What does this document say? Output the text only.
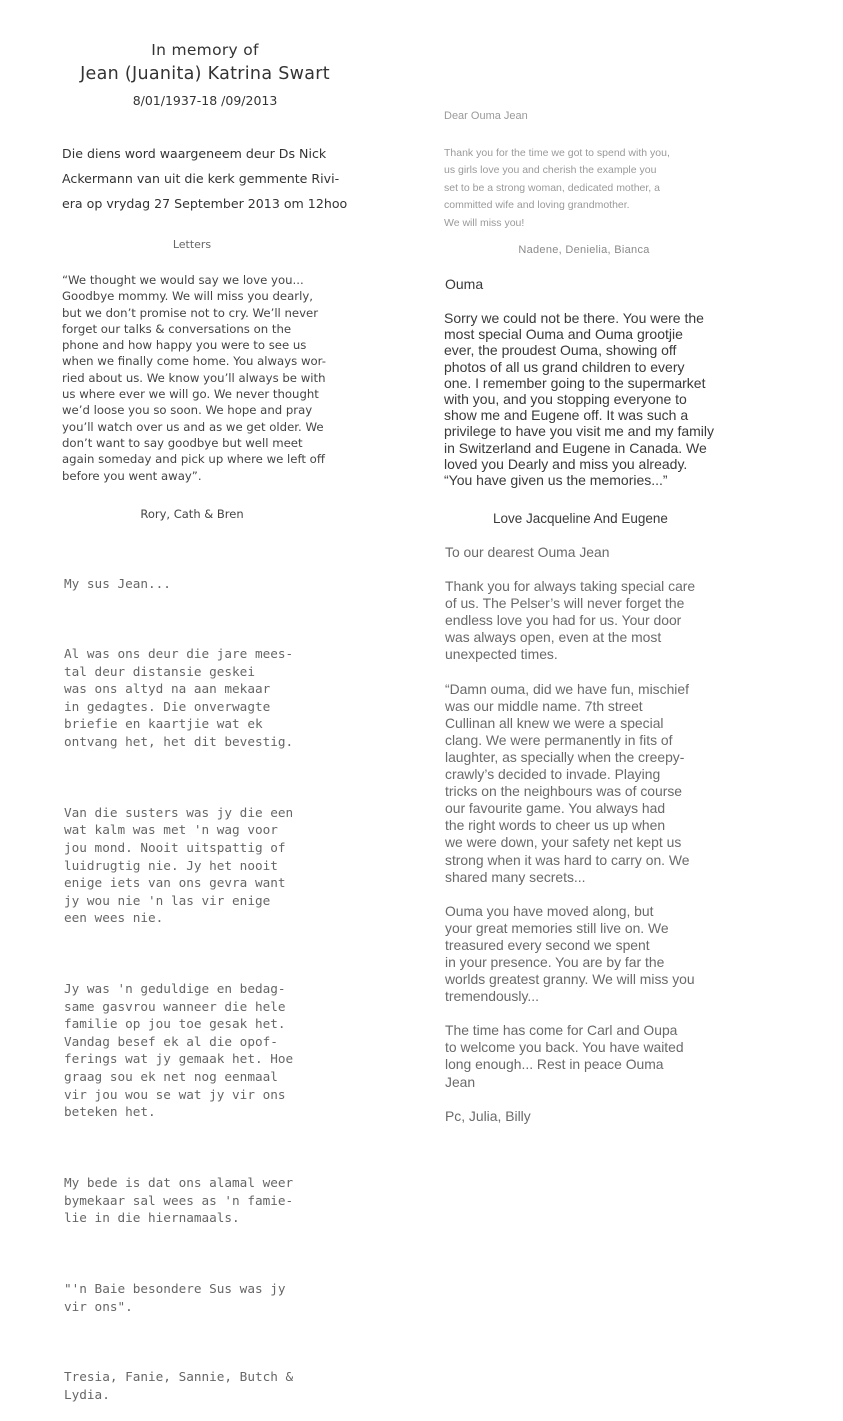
In memory of
Jean (Juanita) Katrina Swart
8/01/1937-18 /09/2013
Die diens word waargeneem deur Ds Nick
Ackermann van uit die kerk gemmente Rivi-
era op vrydag 27 September 2013 om 12hoo
Letters
“We thought we would say we love you...
Goodbye mommy. We will miss you dearly,
but we don’t promise not to cry. We’ll never
forget our talks & conversations on the
phone and how happy you were to see us
when we finally come home. You always wor-
ried about us. We know you’ll always be with
us where ever we will go. We never thought
we’d loose you so soon. We hope and pray
you’ll watch over us and as we get older. We
don’t want to say goodbye but well meet
again someday and pick up where we left off
before you went away”.
Rory, Cath & Bren

My sus Jean...

Al was ons deur die jare mees-
tal deur distansie geskei
was ons altyd na aan mekaar
in gedagtes. Die onverwagte
briefie en kaartjie wat ek
ontvang het, het dit bevestig.

Van die susters was jy die een
wat kalm was met 'n wag voor
jou mond. Nooit uitspattig of
luidrugtig nie. Jy het nooit
enige iets van ons gevra want
jy wou nie 'n las vir enige
een wees nie.

Jy was 'n geduldige en bedag-
same gasvrou wanneer die hele
familie op jou toe gesak het.
Vandag besef ek al die opof-
ferings wat jy gemaak het. Hoe
graag sou ek net nog eenmaal
vir jou wou se wat jy vir ons
beteken het.

My bede is dat ons alamal weer
bymekaar sal wees as 'n famie-
lie in die hiernamaals.

"'n Baie besondere Sus was jy
vir ons".

Tresia, Fanie, Sannie, Butch &
Lydia.

Dear Ouma Jean
Thank you for the time we got to spend with you,
us girls love you and cherish the example you
set to be a strong woman, dedicated mother, a
committed wife and loving grandmother.
We will miss you!
Nadene, Denielia, Bianca
Ouma
Sorry we could not be there. You were the
most special Ouma and Ouma grootjie
ever, the proudest Ouma, showing off
photos of all us grand children to every
one. I remember going to the supermarket
with you, and you stopping everyone to
show me and Eugene off. It was such a
privilege to have you visit me and my family
in Switzerland and Eugene in Canada. We
loved you Dearly and miss you already.
“You have given us the memories...”
Love Jacqueline And Eugene
To our dearest Ouma Jean
Thank you for always taking special care
of us. The Pelser’s will never forget the
endless love you had for us. Your door
was always open, even at the most
unexpected times.
“Damn ouma, did we have fun, mischief
was our middle name. 7th street
Cullinan all knew we were a special
clang. We were permanently in fits of
laughter, as specially when the creepy-
crawly’s decided to invade. Playing
tricks on the neighbours was of course
our favourite game. You always had
the right words to cheer us up when
we were down, your safety net kept us
strong when it was hard to carry on. We
shared many secrets...
Ouma you have moved along, but
your great memories still live on. We
treasured every second we spent
in your presence. You are by far the
worlds greatest granny. We will miss you
tremendously...
The time has come for Carl and Oupa
to welcome you back. You have waited
long enough... Rest in peace Ouma
Jean
Pc, Julia, Billy
